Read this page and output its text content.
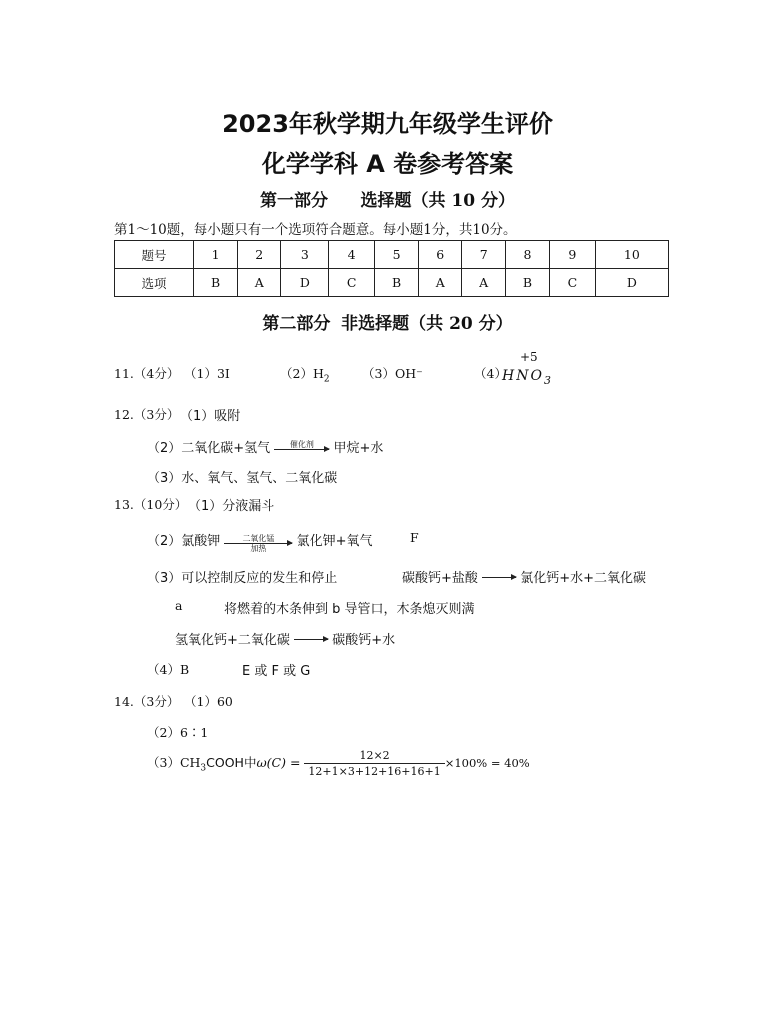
2023年秋学期九年级学生评价
化学学科 A 卷参考答案
第一部分 选择题（共 10 分）
第1～10题，每小题只有一个选项符合题意。每小题1分，共10分。
题号	1	2	3	4	5	6	7	8	9	10
选项	B	A	D	C	B	A	A	B	C	D
第二部分 非选择题（共 20 分）
11.（4分） （1）3I	$(2)H_2$	（3）OH⁻	（4）
+5
$HNO_3$
12.（3分） （1）吸附
（2）二氧化碳+氢气	催化剂	甲烷+水
（3）水、氧气、氢气、二氧化碳
13.（10分） （1）分液漏斗
（2）氯酸钾	二氧化锰
加热	氯化钾+氧气	F
（3）可以控制反应的发生和停止	碳酸钙+盐酸 → 氯化钙+水+二氧化碳
a	将燃着的木条伸到 b 导管口，木条熄灭则满
氢氧化钙+二氧化碳 → 碳酸钙+水
（4）B	E 或 F 或 G
14.（3分） （1）60
（2）6∶1
$(3)CH_3COOH$中$\omega(C) = \frac{12\times 2}{12+1\times 3+12+16+16+1} \times 100\% = 40\%$
